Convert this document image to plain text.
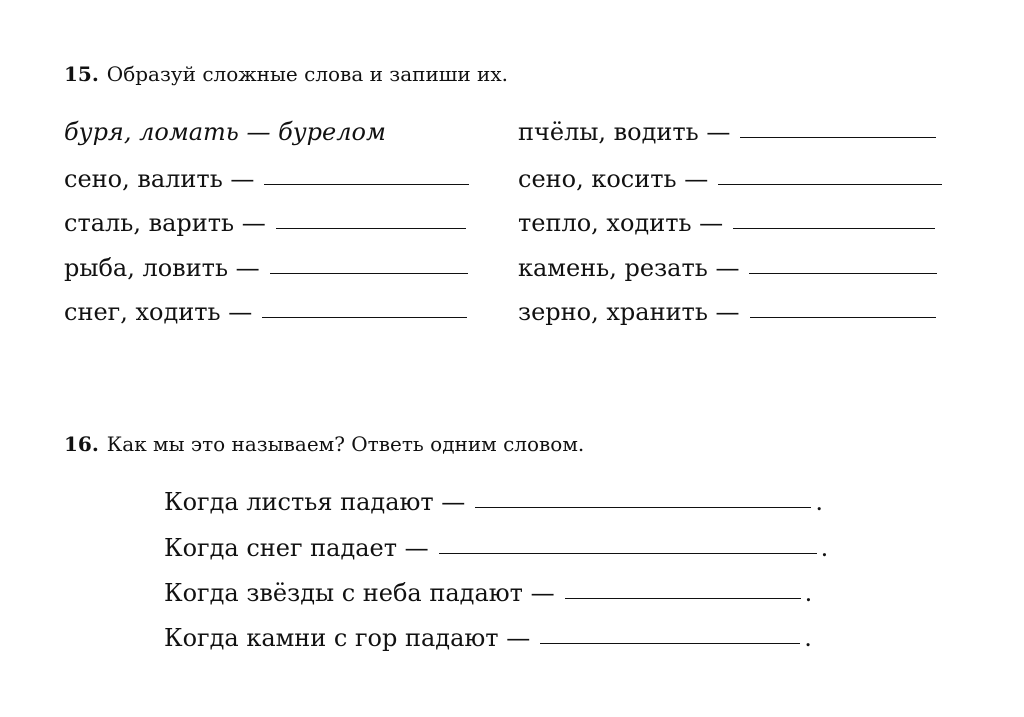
15. Образуй сложные слова и запиши их.
буря, ломать — бурелом
сено, валить —
сталь, варить —
рыба, ловить —
снег, ходить —
пчёлы, водить —
сено, косить —
тепло, ходить —
камень, резать —
зерно, хранить —
16. Как мы это называем? Ответь одним словом.
Когда листья падают —	.
Когда снег падает —	.
Когда звёзды с неба падают —	.
Когда камни с гор падают —	.
